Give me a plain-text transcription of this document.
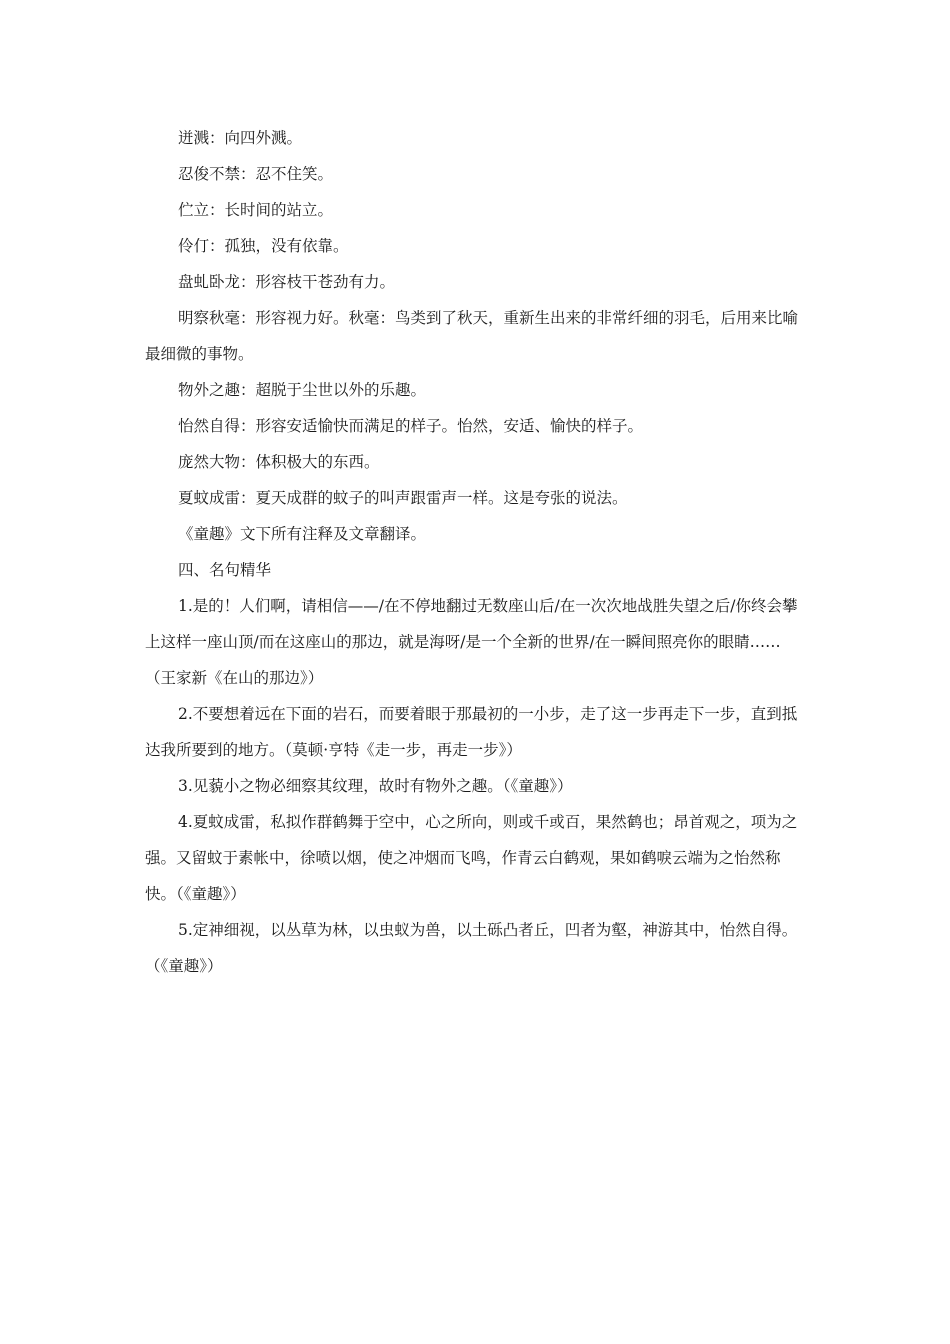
迸溅：向四外溅。

忍俊不禁：忍不住笑。

伫立：长时间的站立。

伶仃：孤独，没有依靠。

盘虬卧龙：形容枝干苍劲有力。

明察秋毫：形容视力好。秋毫：鸟类到了秋天，重新生出来的非常纤细的羽毛，后用来比喻最细微的事物。

物外之趣：超脱于尘世以外的乐趣。

怡然自得：形容安适愉快而满足的样子。怡然，安适、愉快的样子。

庞然大物：体积极大的东西。

夏蚊成雷：夏天成群的蚊子的叫声跟雷声一样。这是夸张的说法。

《童趣》文下所有注释及文章翻译。

四、名句精华

1.是的！人们啊，请相信——/在不停地翻过无数座山后/在一次次地战胜失望之后/你终会攀上这样一座山顶/而在这座山的那边，就是海呀/是一个全新的世界/在一瞬间照亮你的眼睛……（王家新《在山的那边》）

2.不要想着远在下面的岩石，而要着眼于那最初的一小步，走了这一步再走下一步，直到抵达我所要到的地方。（莫顿·亨特《走一步，再走一步》）

3.见藐小之物必细察其纹理，故时有物外之趣。（《童趣》）

4.夏蚊成雷，私拟作群鹤舞于空中，心之所向，则或千或百，果然鹤也；昂首观之，项为之强。又留蚊于素帐中，徐喷以烟，使之冲烟而飞鸣，作青云白鹤观，果如鹤唳云端为之怡然称快。（《童趣》）

5.定神细视，以丛草为林，以虫蚁为兽，以土砾凸者丘，凹者为壑，神游其中，怡然自得。（《童趣》）
